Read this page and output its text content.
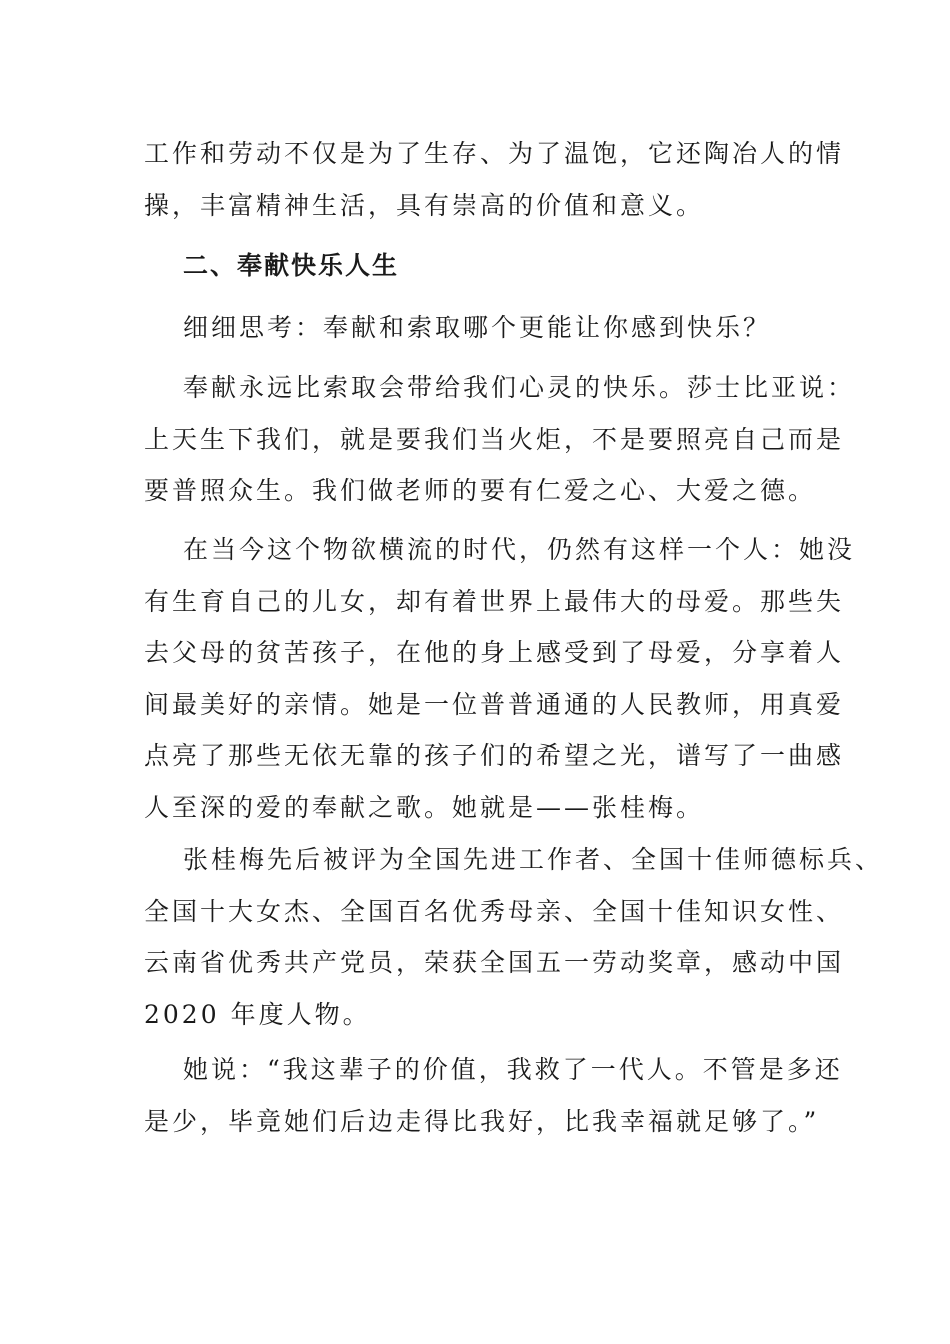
工作和劳动不仅是为了生存、为了温饱，它还陶冶人的情
操，丰富精神生活，具有崇高的价值和意义。
二、奉献快乐人生
细细思考：奉献和索取哪个更能让你感到快乐？
奉献永远比索取会带给我们心灵的快乐。莎士比亚说：
上天生下我们，就是要我们当火炬，不是要照亮自己而是
要普照众生。我们做老师的要有仁爱之心、大爱之德。
在当今这个物欲横流的时代，仍然有这样一个人：她没
有生育自己的儿女，却有着世界上最伟大的母爱。那些失
去父母的贫苦孩子，在他的身上感受到了母爱，分享着人
间最美好的亲情。她是一位普普通通的人民教师，用真爱
点亮了那些无依无靠的孩子们的希望之光，谱写了一曲感
人至深的爱的奉献之歌。她就是——张桂梅。
张桂梅先后被评为全国先进工作者、全国十佳师德标兵、
全国十大女杰、全国百名优秀母亲、全国十佳知识女性、
云南省优秀共产党员，荣获全国五一劳动奖章，感动中国
2020 年度人物。
她说：“我这辈子的价值，我救了一代人。不管是多还
是少，毕竟她们后边走得比我好，比我幸福就足够了。”
